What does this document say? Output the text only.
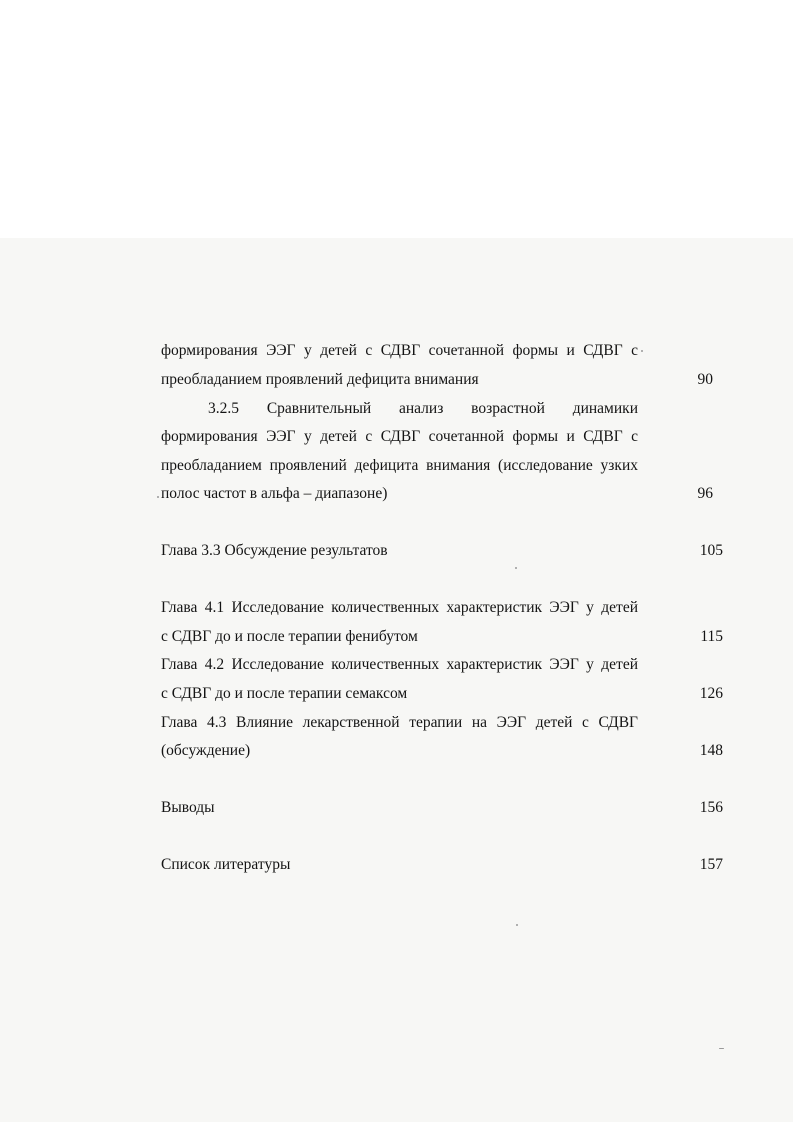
формирования ЭЭГ у детей с СДВГ сочетанной формы и СДВГ с
преобладанием проявлений дефицита внимания	90
3.2.5 Сравнительный анализ возрастной динамики
формирования ЭЭГ у детей с СДВГ сочетанной формы и СДВГ с
преобладанием проявлений дефицита внимания (исследование узких
полос частот в альфа – диапазоне)	96
Глава 3.3 Обсуждение результатов	105
Глава 4.1 Исследование количественных характеристик ЭЭГ у детей
с СДВГ до и после терапии фенибутом	115
Глава 4.2 Исследование количественных характеристик ЭЭГ у детей
с СДВГ до и после терапии семаксом	126
Глава 4.3 Влияние лекарственной терапии на ЭЭГ детей с СДВГ
(обсуждение)	148
Выводы	156
Список литературы	157
